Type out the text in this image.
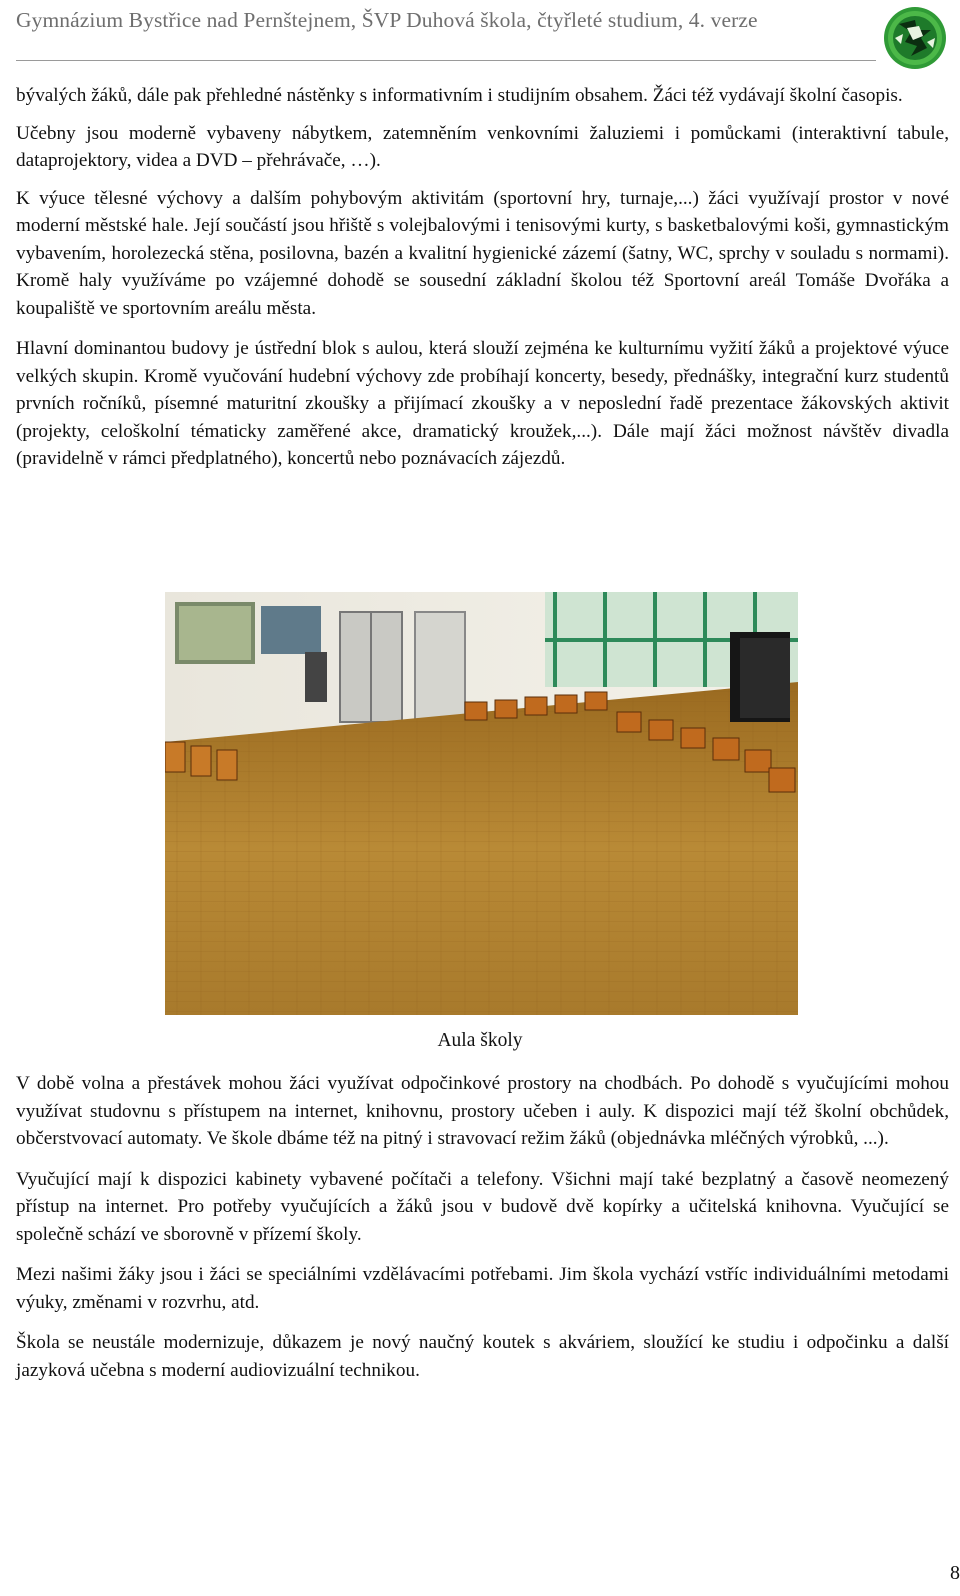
Gymnázium Bystřice nad Pernštejnem, ŠVP Duhová škola, čtyřleté studium, 4. verze

bývalých žáků, dále pak přehledné nástěnky s informativním i studijním obsahem. Žáci též vydávají školní časopis.

Učebny jsou moderně vybaveny nábytkem, zatemněním venkovními žaluziemi i pomůckami (interaktivní tabule, dataprojektory, videa a DVD – přehrávače, …).

K výuce tělesné výchovy a dalším pohybovým aktivitám (sportovní hry, turnaje,...) žáci využívají prostor v nové moderní městské hale. Její součástí jsou hřiště s volejbalovými i tenisovými kurty, s basketbalovými koši, gymnastickým vybavením, horolezecká stěna, posilovna, bazén a kvalitní hygienické zázemí (šatny, WC, sprchy v souladu s normami). Kromě haly využíváme po vzájemné dohodě se sousední základní školou též Sportovní areál Tomáše Dvořáka a koupaliště ve sportovním areálu města.

Hlavní dominantou budovy je ústřední blok s aulou, která slouží zejména ke kulturnímu vyžití žáků a projektové výuce velkých skupin. Kromě vyučování hudební výchovy zde probíhají koncerty, besedy, přednášky, integrační kurz studentů prvních ročníků, písemné maturitní zkoušky a přijímací zkoušky a v neposlední řadě prezentace žákovských aktivit (projekty, celoškolní tématicky zaměřené akce, dramatický kroužek,...). Dále mají žáci možnost návštěv divadla (pravidelně v rámci předplatného), koncertů nebo poznávacích zájezdů.

Aula školy

V době volna a přestávek mohou žáci využívat odpočinkové prostory na chodbách. Po dohodě s vyučujícími mohou využívat studovnu s přístupem na internet, knihovnu, prostory učeben i auly. K dispozici mají též školní obchůdek, občerstvovací automaty. Ve škole dbáme též na pitný i stravovací režim žáků (objednávka mléčných výrobků, ...).

Vyučující mají k dispozici kabinety vybavené počítači a telefony. Všichni mají také bezplatný a časově neomezený přístup na internet. Pro potřeby vyučujících a žáků jsou v budově dvě kopírky a učitelská knihovna. Vyučující se společně schází ve sborovně v přízemí školy.

Mezi našimi žáky jsou i žáci se speciálními vzdělávacími potřebami. Jim škola vychází vstříc individuálními metodami výuky, změnami v rozvrhu, atd.

Škola se neustále modernizuje, důkazem je nový naučný koutek s akváriem, sloužící ke studiu i odpočinku a další jazyková učebna s moderní audiovizuální technikou.

8
